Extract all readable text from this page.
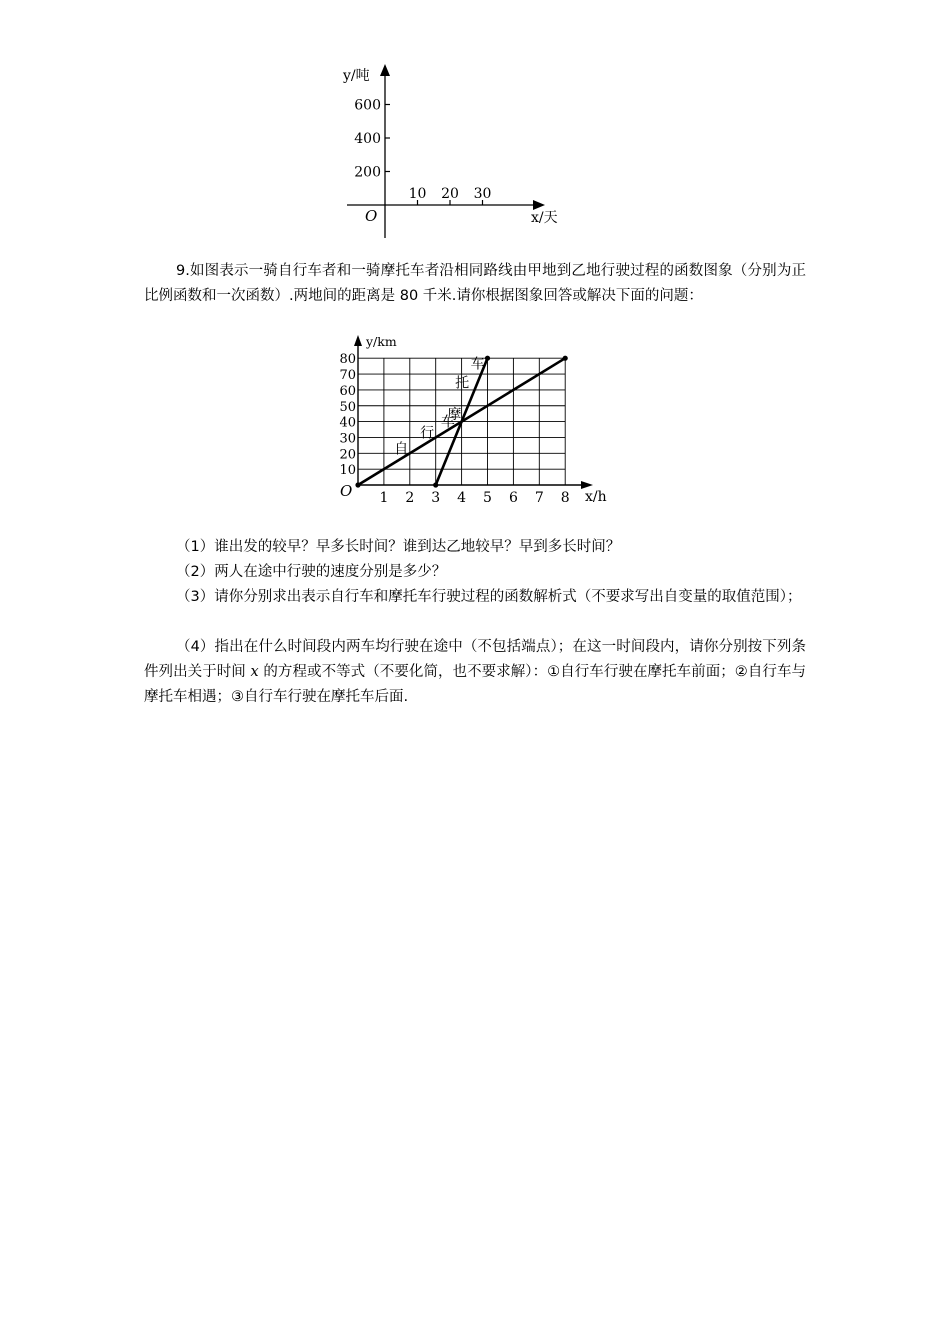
10 20 30
200
400
600
y/吨
x/天
O

9.如图表示一骑自行车者和一骑摩托车者沿相同路线由甲地到乙地行驶过程的函数图象（分别为正比例函数和一次函数）.两地间的距离是 80 千米.请你根据图象回答或解决下面的问题：

1 2 3 4 5 6 7 8
10
20
30
40
50
60
70
80
自
行
车
摩
托
车
y/km
x/h
O

（1）谁出发的较早？早多长时间？谁到达乙地较早？早到多长时间？

（2）两人在途中行驶的速度分别是多少？

（3）请你分别求出表示自行车和摩托车行驶过程的函数解析式（不要求写出自变量的取值范围）；

（4）指出在什么时间段内两车均行驶在途中（不包括端点）；在这一时间段内，请你分别按下列条件列出关于时间 x 的方程或不等式（不要化简，也不要求解）：①自行车行驶在摩托车前面；②自行车与摩托车相遇；③自行车行驶在摩托车后面.
